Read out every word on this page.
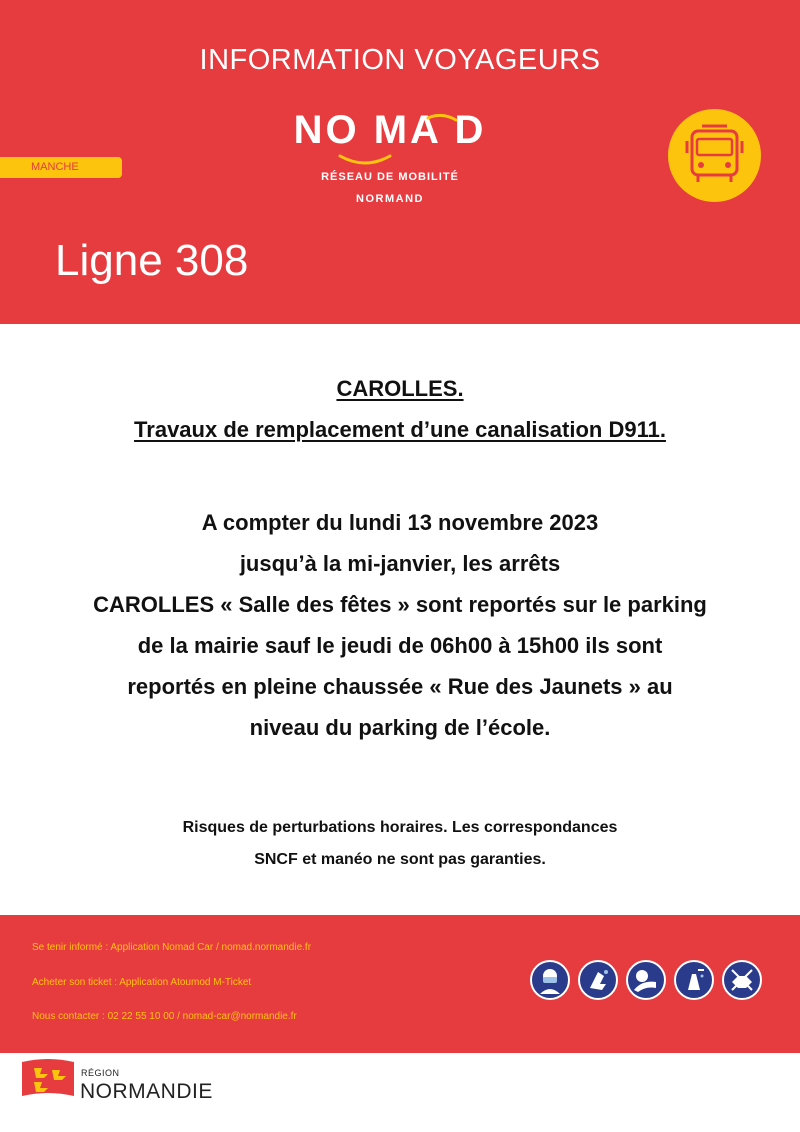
INFORMATION VOYAGEURS
NO MA D
RÉSEAU DE MOBILITÉ
NORMAND
MANCHE
Ligne 308
CAROLLES.
Travaux de remplacement d’une canalisation D911.
A compter du lundi 13 novembre 2023
jusqu’à la mi-janvier, les arrêts
CAROLLES « Salle des fêtes » sont reportés sur le parking
de la mairie sauf le jeudi de 06h00 à 15h00 ils sont
reportés en pleine chaussée « Rue des Jaunets » au
niveau du parking de l’école.
Risques de perturbations horaires. Les correspondances
SNCF et manéo ne sont pas garanties.
Se tenir informé : Application Nomad Car / nomad.normandie.fr
Acheter son ticket : Application Atoumod M-Ticket
Nous contacter : 02 22 55 10 00 / nomad-car@normandie.fr
RÉGION
NORMANDIE
